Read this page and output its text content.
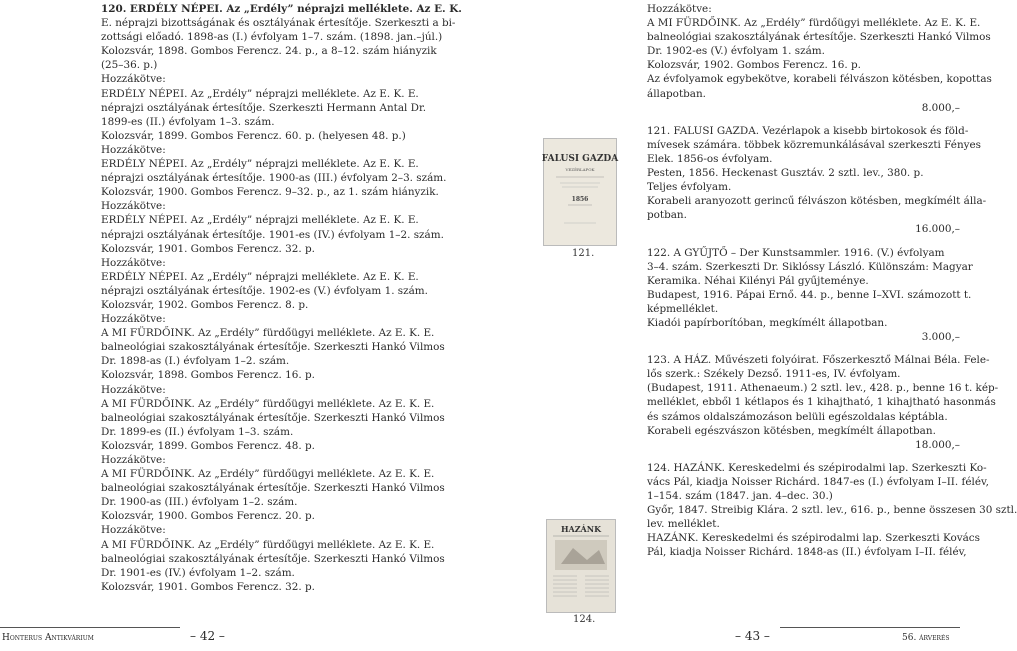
120. ERDÉLY NÉPEI. Az „Erdély” néprajzi melléklete. Az E. K.
E. néprajzi bizottságának és osztályának értesítője. Szerkeszti a bi-
zottsági előadó. 1898-as (I.) évfolyam 1–7. szám. (1898. jan.–júl.)
Kolozsvár, 1898. Gombos Ferencz. 24. p., a 8–12. szám hiányzik
(25–36. p.)
Hozzákötve:
ERDÉLY NÉPEI. Az „Erdély” néprajzi melléklete. Az E. K. E.
néprajzi osztályának értesítője. Szerkeszti Hermann Antal Dr.
1899-es (II.) évfolyam 1–3. szám.
Kolozsvár, 1899. Gombos Ferencz. 60. p. (helyesen 48. p.)
Hozzákötve:
ERDÉLY NÉPEI. Az „Erdély” néprajzi melléklete. Az E. K. E.
néprajzi osztályának értesítője. 1900-as (III.) évfolyam 2–3. szám.
Kolozsvár, 1900. Gombos Ferencz. 9–32. p., az 1. szám hiányzik.
Hozzákötve:
ERDÉLY NÉPEI. Az „Erdély” néprajzi melléklete. Az E. K. E.
néprajzi osztályának értesítője. 1901-es (IV.) évfolyam 1–2. szám.
Kolozsvár, 1901. Gombos Ferencz. 32. p.
Hozzákötve:
ERDÉLY NÉPEI. Az „Erdély” néprajzi melléklete. Az E. K. E.
néprajzi osztályának értesítője. 1902-es (V.) évfolyam 1. szám.
Kolozsvár, 1902. Gombos Ferencz. 8. p.
Hozzákötve:
A MI FÜRDŐINK. Az „Erdély” fürdőügyi melléklete. Az E. K. E.
balneológiai szakosztályának értesítője. Szerkeszti Hankó Vilmos
Dr. 1898-as (I.) évfolyam 1–2. szám.
Kolozsvár, 1898. Gombos Ferencz. 16. p.
Hozzákötve:
A MI FÜRDŐINK. Az „Erdély” fürdőügyi melléklete. Az E. K. E.
balneológiai szakosztályának értesítője. Szerkeszti Hankó Vilmos
Dr. 1899-es (II.) évfolyam 1–3. szám.
Kolozsvár, 1899. Gombos Ferencz. 48. p.
Hozzákötve:
A MI FÜRDŐINK. Az „Erdély” fürdőügyi melléklete. Az E. K. E.
balneológiai szakosztályának értesítője. Szerkeszti Hankó Vilmos
Dr. 1900-as (III.) évfolyam 1–2. szám.
Kolozsvár, 1900. Gombos Ferencz. 20. p.
Hozzákötve:
A MI FÜRDŐINK. Az „Erdély” fürdőügyi melléklete. Az E. K. E.
balneológiai szakosztályának értesítője. Szerkeszti Hankó Vilmos
Dr. 1901-es (IV.) évfolyam 1–2. szám.
Kolozsvár, 1901. Gombos Ferencz. 32. p.
FALUSI GAZDA
VEZÉRLAPOK
1856
121.
HAZÁNK
124.
Hozzákötve:
A MI FÜRDŐINK. Az „Erdély” fürdőügyi melléklete. Az E. K. E.
balneológiai szakosztályának értesítője. Szerkeszti Hankó Vilmos
Dr. 1902-es (V.) évfolyam 1. szám.
Kolozsvár, 1902. Gombos Ferencz. 16. p.
Az évfolyamok egybekötve, korabeli félvászon kötésben, kopottas
állapotban.
8.000,–
121. FALUSI GAZDA. Vezérlapok a kisebb birtokosok és föld-
mívesek számára. többek közremunkálásával szerkeszti Fényes
Elek. 1856-os évfolyam.
Pesten, 1856. Heckenast Gusztáv. 2 sztl. lev., 380. p.
Teljes évfolyam.
Korabeli aranyozott gerincű félvászon kötésben, megkímélt álla-
potban.
16.000,–
122. A GYŰJTŐ – Der Kunstsammler. 1916. (V.) évfolyam
3–4. szám. Szerkeszti Dr. Siklóssy László. Különszám: Magyar
Keramika. Néhai Kilényi Pál gyűjteménye.
Budapest, 1916. Pápai Ernő. 44. p., benne I–XVI. számozott t.
képmelléklet.
Kiadói papírborítóban, megkímélt állapotban.
3.000,–
123. A HÁZ. Művészeti folyóirat. Főszerkesztő Málnai Béla. Fele-
lős szerk.: Székely Dezső. 1911-es, IV. évfolyam.
(Budapest, 1911. Athenaeum.) 2 sztl. lev., 428. p., benne 16 t. kép-
melléklet, ebből 1 kétlapos és 1 kihajtható, 1 kihajtható hasonmás
és számos oldalszámozáson belüli egészoldalas képtábla.
Korabeli egészvászon kötésben, megkímélt állapotban.
18.000,–
124. HAZÁNK. Kereskedelmi és szépirodalmi lap. Szerkeszti Ko-
vács Pál, kiadja Noisser Richárd. 1847-es (I.) évfolyam I–II. félév,
1–154. szám (1847. jan. 4–dec. 30.)
Győr, 1847. Streibig Klára. 2 sztl. lev., 616. p., benne összesen 30 sztl.
lev. melléklet.
HAZÁNK. Kereskedelmi és szépirodalmi lap. Szerkeszti Kovács
Pál, kiadja Noisser Richárd. 1848-as (II.) évfolyam I–II. félév,
Honterus Antikvárium	– 42 –	– 43 –	56. árverés
